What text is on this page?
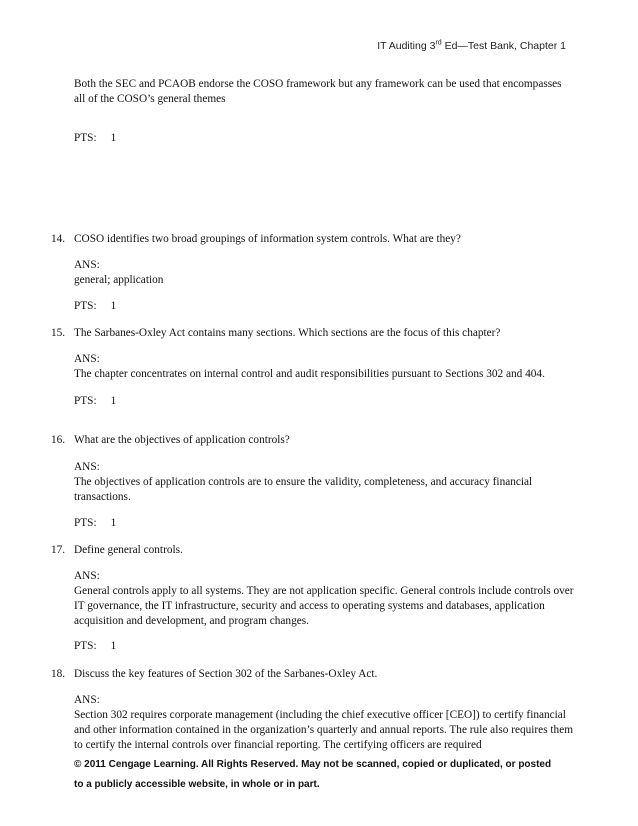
IT Auditing 3rd Ed—Test Bank, Chapter 1

Both the SEC and PCAOB endorse the COSO framework but any framework can be used that encompasses all of the COSO’s general themes

PTS: 1
14. COSO identifies two broad groupings of information system controls. What are they?
ANS:
general; application
PTS: 1
15. The Sarbanes-Oxley Act contains many sections. Which sections are the focus of this chapter?
ANS:
The chapter concentrates on internal control and audit responsibilities pursuant to Sections 302 and 404.
PTS: 1
16. What are the objectives of application controls?
ANS:
The objectives of application controls are to ensure the validity, completeness, and accuracy financial transactions.
PTS: 1
17. Define general controls.
ANS:
General controls apply to all systems. They are not application specific. General controls include controls over IT governance, the IT infrastructure, security and access to operating systems and databases, application acquisition and development, and program changes.
PTS: 1
18. Discuss the key features of Section 302 of the Sarbanes-Oxley Act.
ANS:
Section 302 requires corporate management (including the chief executive officer [CEO]) to certify financial and other information contained in the organization’s quarterly and annual reports. The rule also requires them to certify the internal controls over financial reporting. The certifying officers are required
© 2011 Cengage Learning. All Rights Reserved. May not be scanned, copied or duplicated, or posted
to a publicly accessible website, in whole or in part.
